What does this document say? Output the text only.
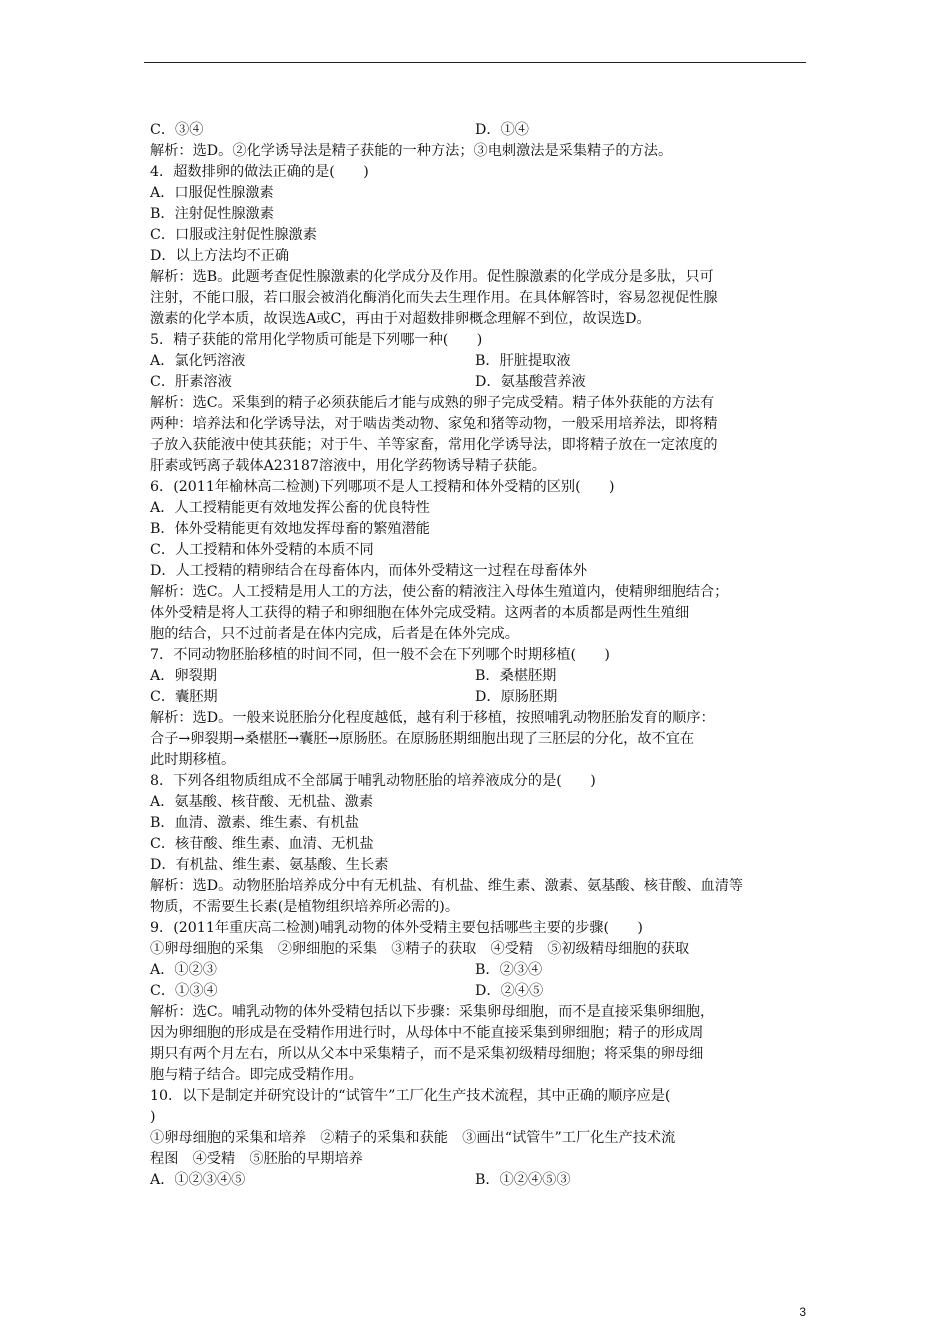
C．③④	D．①④
解析：选D。②化学诱导法是精子获能的一种方法；③电刺激法是采集精子的方法。
4．超数排卵的做法正确的是(　　)
A．口服促性腺激素
B．注射促性腺激素
C．口服或注射促性腺激素
D．以上方法均不正确
解析：选B。此题考查促性腺激素的化学成分及作用。促性腺激素的化学成分是多肽，只可
注射，不能口服，若口服会被消化酶消化而失去生理作用。在具体解答时，容易忽视促性腺
激素的化学本质，故误选A或C，再由于对超数排卵概念理解不到位，故误选D。
5．精子获能的常用化学物质可能是下列哪一种(　　)
A．氯化钙溶液	B．肝脏提取液
C．肝素溶液	D．氨基酸营养液
解析：选C。采集到的精子必须获能后才能与成熟的卵子完成受精。精子体外获能的方法有
两种：培养法和化学诱导法，对于啮齿类动物、家兔和猪等动物，一般采用培养法，即将精
子放入获能液中使其获能；对于牛、羊等家畜，常用化学诱导法，即将精子放在一定浓度的
肝素或钙离子载体A23187溶液中，用化学药物诱导精子获能。
6．(2011年榆林高二检测)下列哪项不是人工授精和体外受精的区别(　　)
A．人工授精能更有效地发挥公畜的优良特性
B．体外受精能更有效地发挥母畜的繁殖潜能
C．人工授精和体外受精的本质不同
D．人工授精的精卵结合在母畜体内，而体外受精这一过程在母畜体外
解析：选C。人工授精是用人工的方法，使公畜的精液注入母体生殖道内，使精卵细胞结合；
体外受精是将人工获得的精子和卵细胞在体外完成受精。这两者的本质都是两性生殖细
胞的结合，只不过前者是在体内完成，后者是在体外完成。
7．不同动物胚胎移植的时间不同，但一般不会在下列哪个时期移植(　　)
A．卵裂期	B．桑椹胚期
C．囊胚期	D．原肠胚期
解析：选D。一般来说胚胎分化程度越低，越有利于移植，按照哺乳动物胚胎发育的顺序：
合子→卵裂期→桑椹胚→囊胚→原肠胚。在原肠胚期细胞出现了三胚层的分化，故不宜在
此时期移植。
8．下列各组物质组成不全部属于哺乳动物胚胎的培养液成分的是(　　)
A．氨基酸、核苷酸、无机盐、激素
B．血清、激素、维生素、有机盐
C．核苷酸、维生素、血清、无机盐
D．有机盐、维生素、氨基酸、生长素
解析：选D。动物胚胎培养成分中有无机盐、有机盐、维生素、激素、氨基酸、核苷酸、血清等
物质，不需要生长素(是植物组织培养所必需的)。
9．(2011年重庆高二检测)哺乳动物的体外受精主要包括哪些主要的步骤(　　)
①卵母细胞的采集　②卵细胞的采集　③精子的获取　④受精　⑤初级精母细胞的获取
A．①②③	B．②③④
C．①③④	D．②④⑤
解析：选C。哺乳动物的体外受精包括以下步骤：采集卵母细胞，而不是直接采集卵细胞，
因为卵细胞的形成是在受精作用进行时，从母体中不能直接采集到卵细胞；精子的形成周
期只有两个月左右，所以从父本中采集精子，而不是采集初级精母细胞；将采集的卵母细
胞与精子结合。即完成受精作用。
10．以下是制定并研究设计的“试管牛”工厂化生产技术流程，其中正确的顺序应是(
)
①卵母细胞的采集和培养　②精子的采集和获能　③画出“试管牛”工厂化生产技术流
程图　④受精　⑤胚胎的早期培养
A．①②③④⑤	B．①②④⑤③
3
